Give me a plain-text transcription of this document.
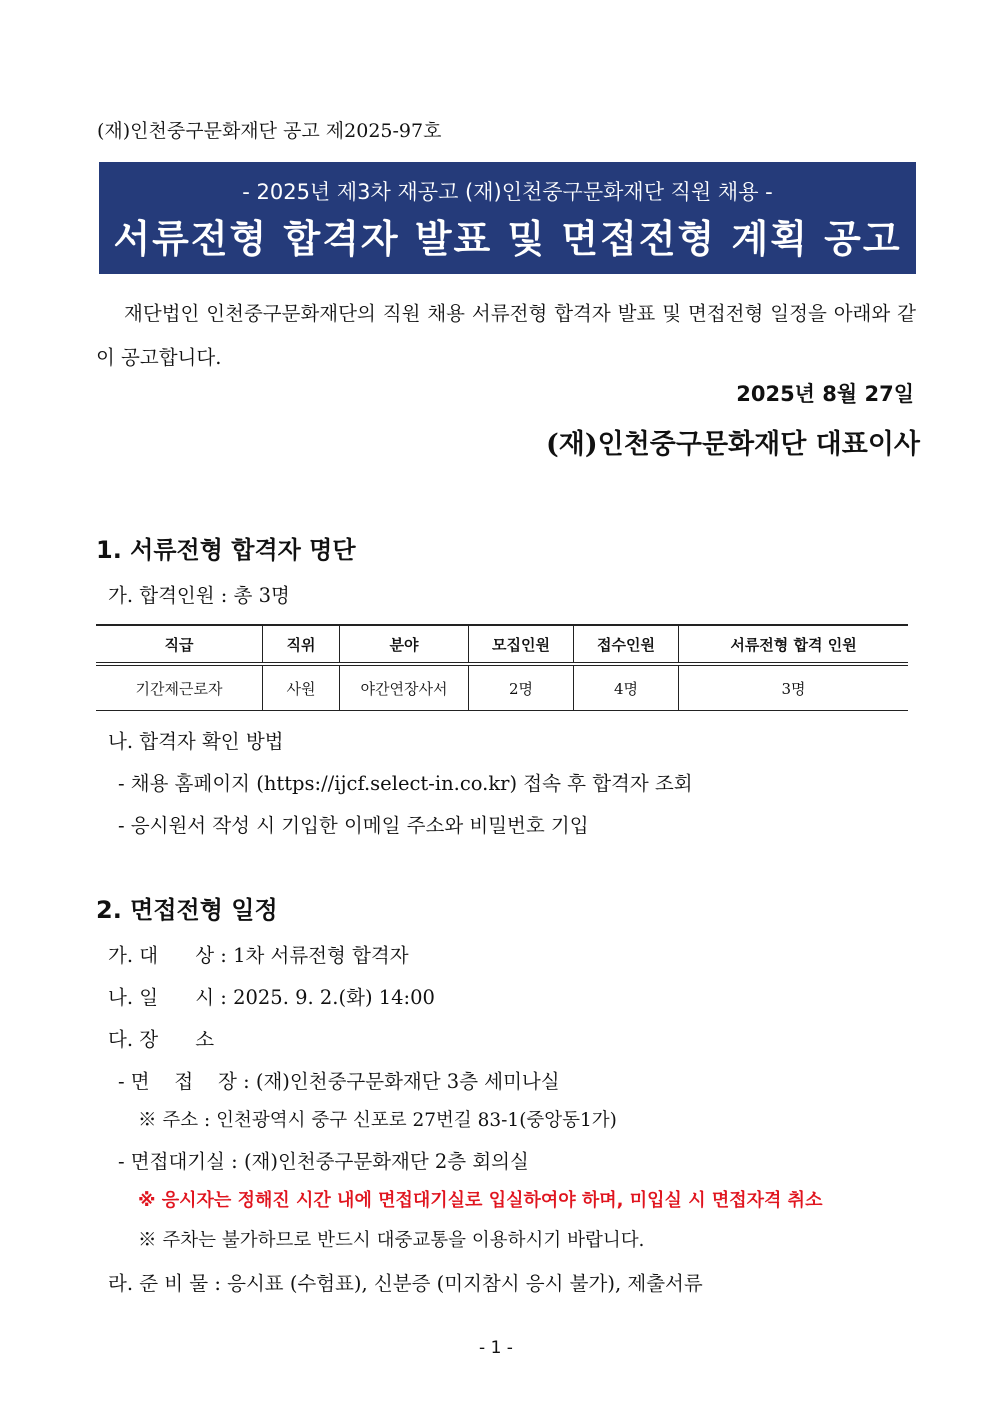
(재)인천중구문화재단 공고 제2025-97호
- 2025년 제3차 재공고 (재)인천중구문화재단 직원 채용 -
서류전형 합격자 발표 및 면접전형 계획 공고
재단법인 인천중구문화재단의 직원 채용 서류전형 합격자 발표 및 면접전형 일정을 아래와 같이 공고합니다.
2025년 8월 27일
(재)인천중구문화재단 대표이사
1. 서류전형 합격자 명단
가. 합격인원 : 총 3명
직급	직위	분야	모집인원	접수인원	서류전형 합격 인원
기간제근로자	사원	야간연장사서	2명	4명	3명
나. 합격자 확인 방법
- 채용 홈페이지 (https://ijcf.select-in.co.kr) 접속 후 합격자 조회
- 응시원서 작성 시 기입한 이메일 주소와 비밀번호 기입
2. 면접전형 일정
가. 대      상 : 1차 서류전형 합격자
나. 일      시 : 2025. 9. 2.(화) 14:00
다. 장      소
- 면    접    장 : (재)인천중구문화재단 3층 세미나실
※ 주소 : 인천광역시 중구 신포로 27번길 83-1(중앙동1가)
- 면접대기실 : (재)인천중구문화재단 2층 회의실
※ 응시자는 정해진 시간 내에 면접대기실로 입실하여야 하며, 미입실 시 면접자격 취소
※ 주차는 불가하므로 반드시 대중교통을 이용하시기 바랍니다.
라. 준 비 물 : 응시표 (수험표), 신분증 (미지참시 응시 불가), 제출서류
- 1 -
